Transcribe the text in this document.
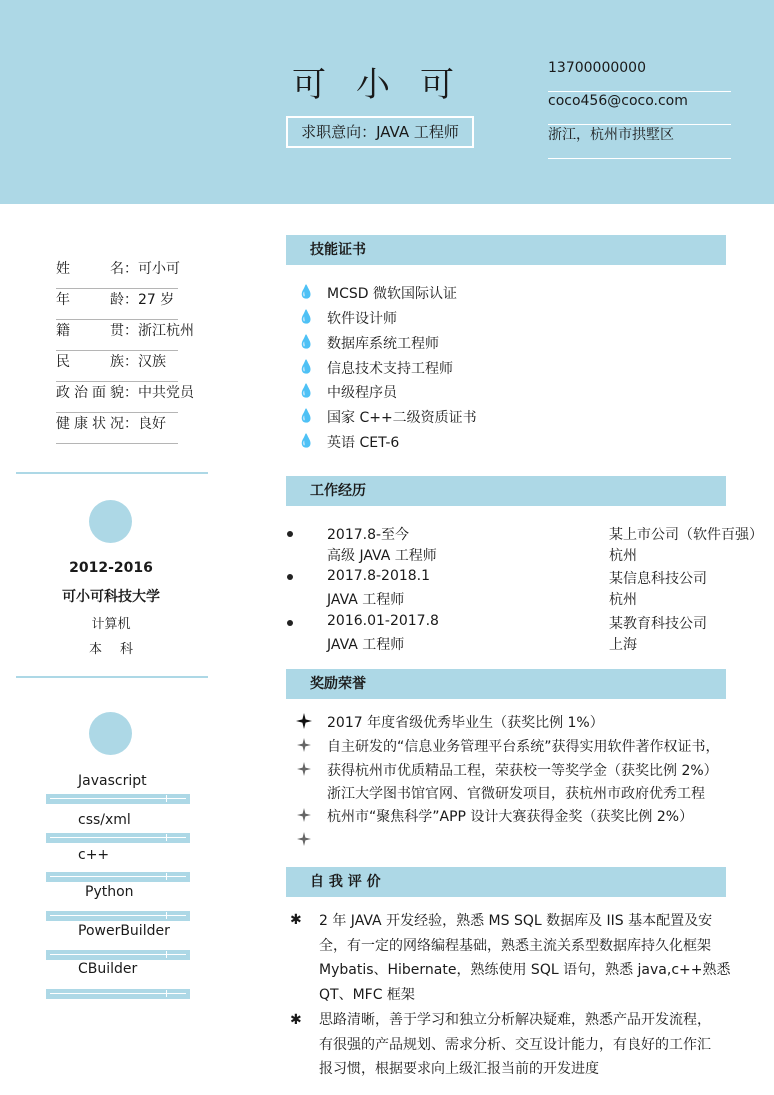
可小可
求职意向：JAVA 工程师
13700000000
coco456@coco.com
浙江，杭州市拱墅区
姓名：可小可
年龄：27 岁
籍贯：浙江杭州
民族：汉族
政治面貌：中共党员
健康状况：良好
2012-2016
可小可科技大学
计算机
本科
Javascript
css/xml
c++
Python
PowerBuilder
CBuilder
技能证书
💧 MCSD 微软国际认证
💧 软件设计师
💧 数据库系统工程师
💧 信息技术支持工程师
💧 中级程序员
💧 国家 C++二级资质证书
💧 英语 CET-6
工作经历
2017.8-至今
高级 JAVA 工程师
某上市公司（软件百强）
杭州
2017.8-2018.1
JAVA 工程师
某信息科技公司
杭州
2016.01-2017.8
JAVA 工程师
某教育科技公司
上海
奖励荣誉
2017 年度省级优秀毕业生（获奖比例 1%）
自主研发的“信息业务管理平台系统”获得实用软件著作权证书，
获得杭州市优质精品工程，荣获校一等奖学金（获奖比例 2%）
浙江大学图书馆官网、官微研发项目，获杭州市政府优秀工程
杭州市“聚焦科学”APP 设计大赛获得金奖（获奖比例 2%）
自 我 评 价
✱ 2 年 JAVA 开发经验，熟悉 MS SQL 数据库及 IIS 基本配置及安
全，有一定的网络编程基础，熟悉主流关系型数据库持久化框架
Mybatis、Hibernate，熟练使用 SQL 语句，熟悉 java,c++熟悉
QT、MFC 框架
✱ 思路清晰，善于学习和独立分析解决疑难，熟悉产品开发流程，
有很强的产品规划、需求分析、交互设计能力，有良好的工作汇
报习惯，根据要求向上级汇报当前的开发进度
